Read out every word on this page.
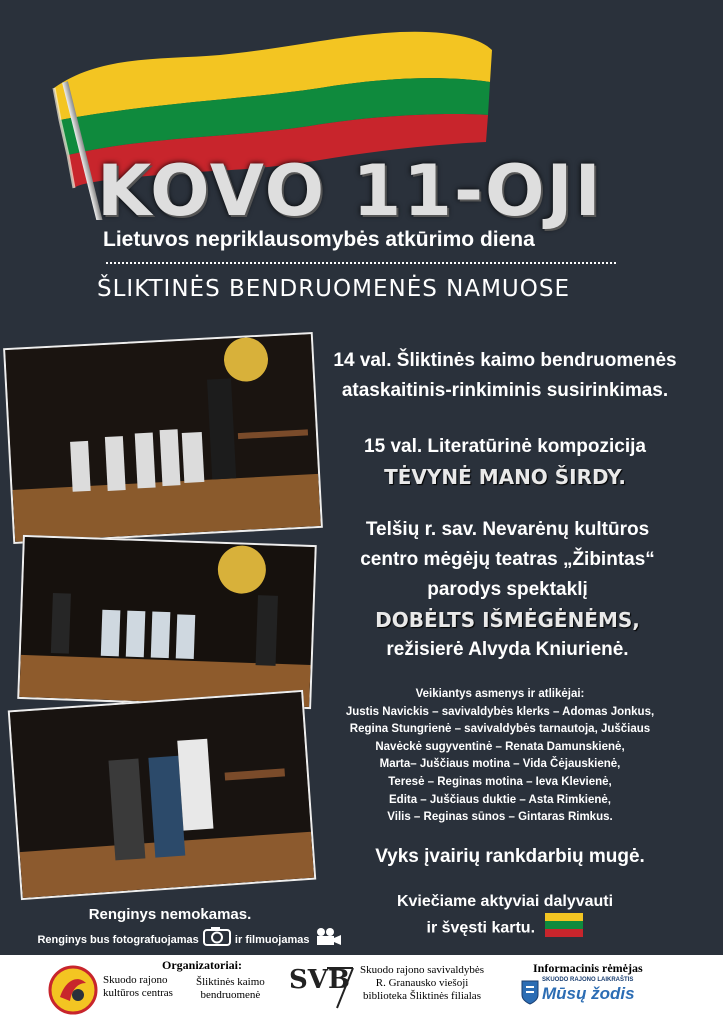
KOVO 11-OJI
Lietuvos nepriklausomybės atkūrimo diena
ŠLIKTINĖS BENDRUOMENĖS NAMUOSE
14 val. Šliktinės kaimo bendruomenės
ataskaitinis-rinkiminis susirinkimas.
15 val. Literatūrinė kompozicija
TĖVYNĖ MANO ŠIRDY.
Telšių r. sav. Nevarėnų kultūros
centro mėgėjų teatras „Žibintas“
parodys spektaklį
DOBĖLTS IŠMĖGĖNĖMS,
režisierė Alvyda Kniurienė.
Veikiantys asmenys ir atlikėjai:
Justis Navickis – savivaldybės klerks – Adomas Jonkus,
Regina Stungrienė – savivaldybės tarnautoja, Juščiaus
Navėckė sugyventinė – Renata Damunskienė,
Marta– Juščiaus motina – Vida Čėjauskienė,
Teresė – Reginas motina – Ieva Klevienė,
Edita – Juščiaus duktie – Asta Rimkienė,
Vilis – Reginas sūnos – Gintaras Rimkus.
Vyks įvairių rankdarbių mugė.
Kviečiame aktyviai dalyvauti
ir švęsti kartu.
Renginys nemokamas.
Renginys bus fotografuojamas	ir filmuojamas
Skuodo rajono
kultūros centras
Organizatoriai:
Šliktinės kaimo
bendruomenė SVB Skuodo rajono savivaldybės
R. Granausko viešoji
biblioteka Šliktinės filialas
Informacinis rėmėjas
SKUODO RAJONO LAIKRAŠTIS
Mūsų žodis
